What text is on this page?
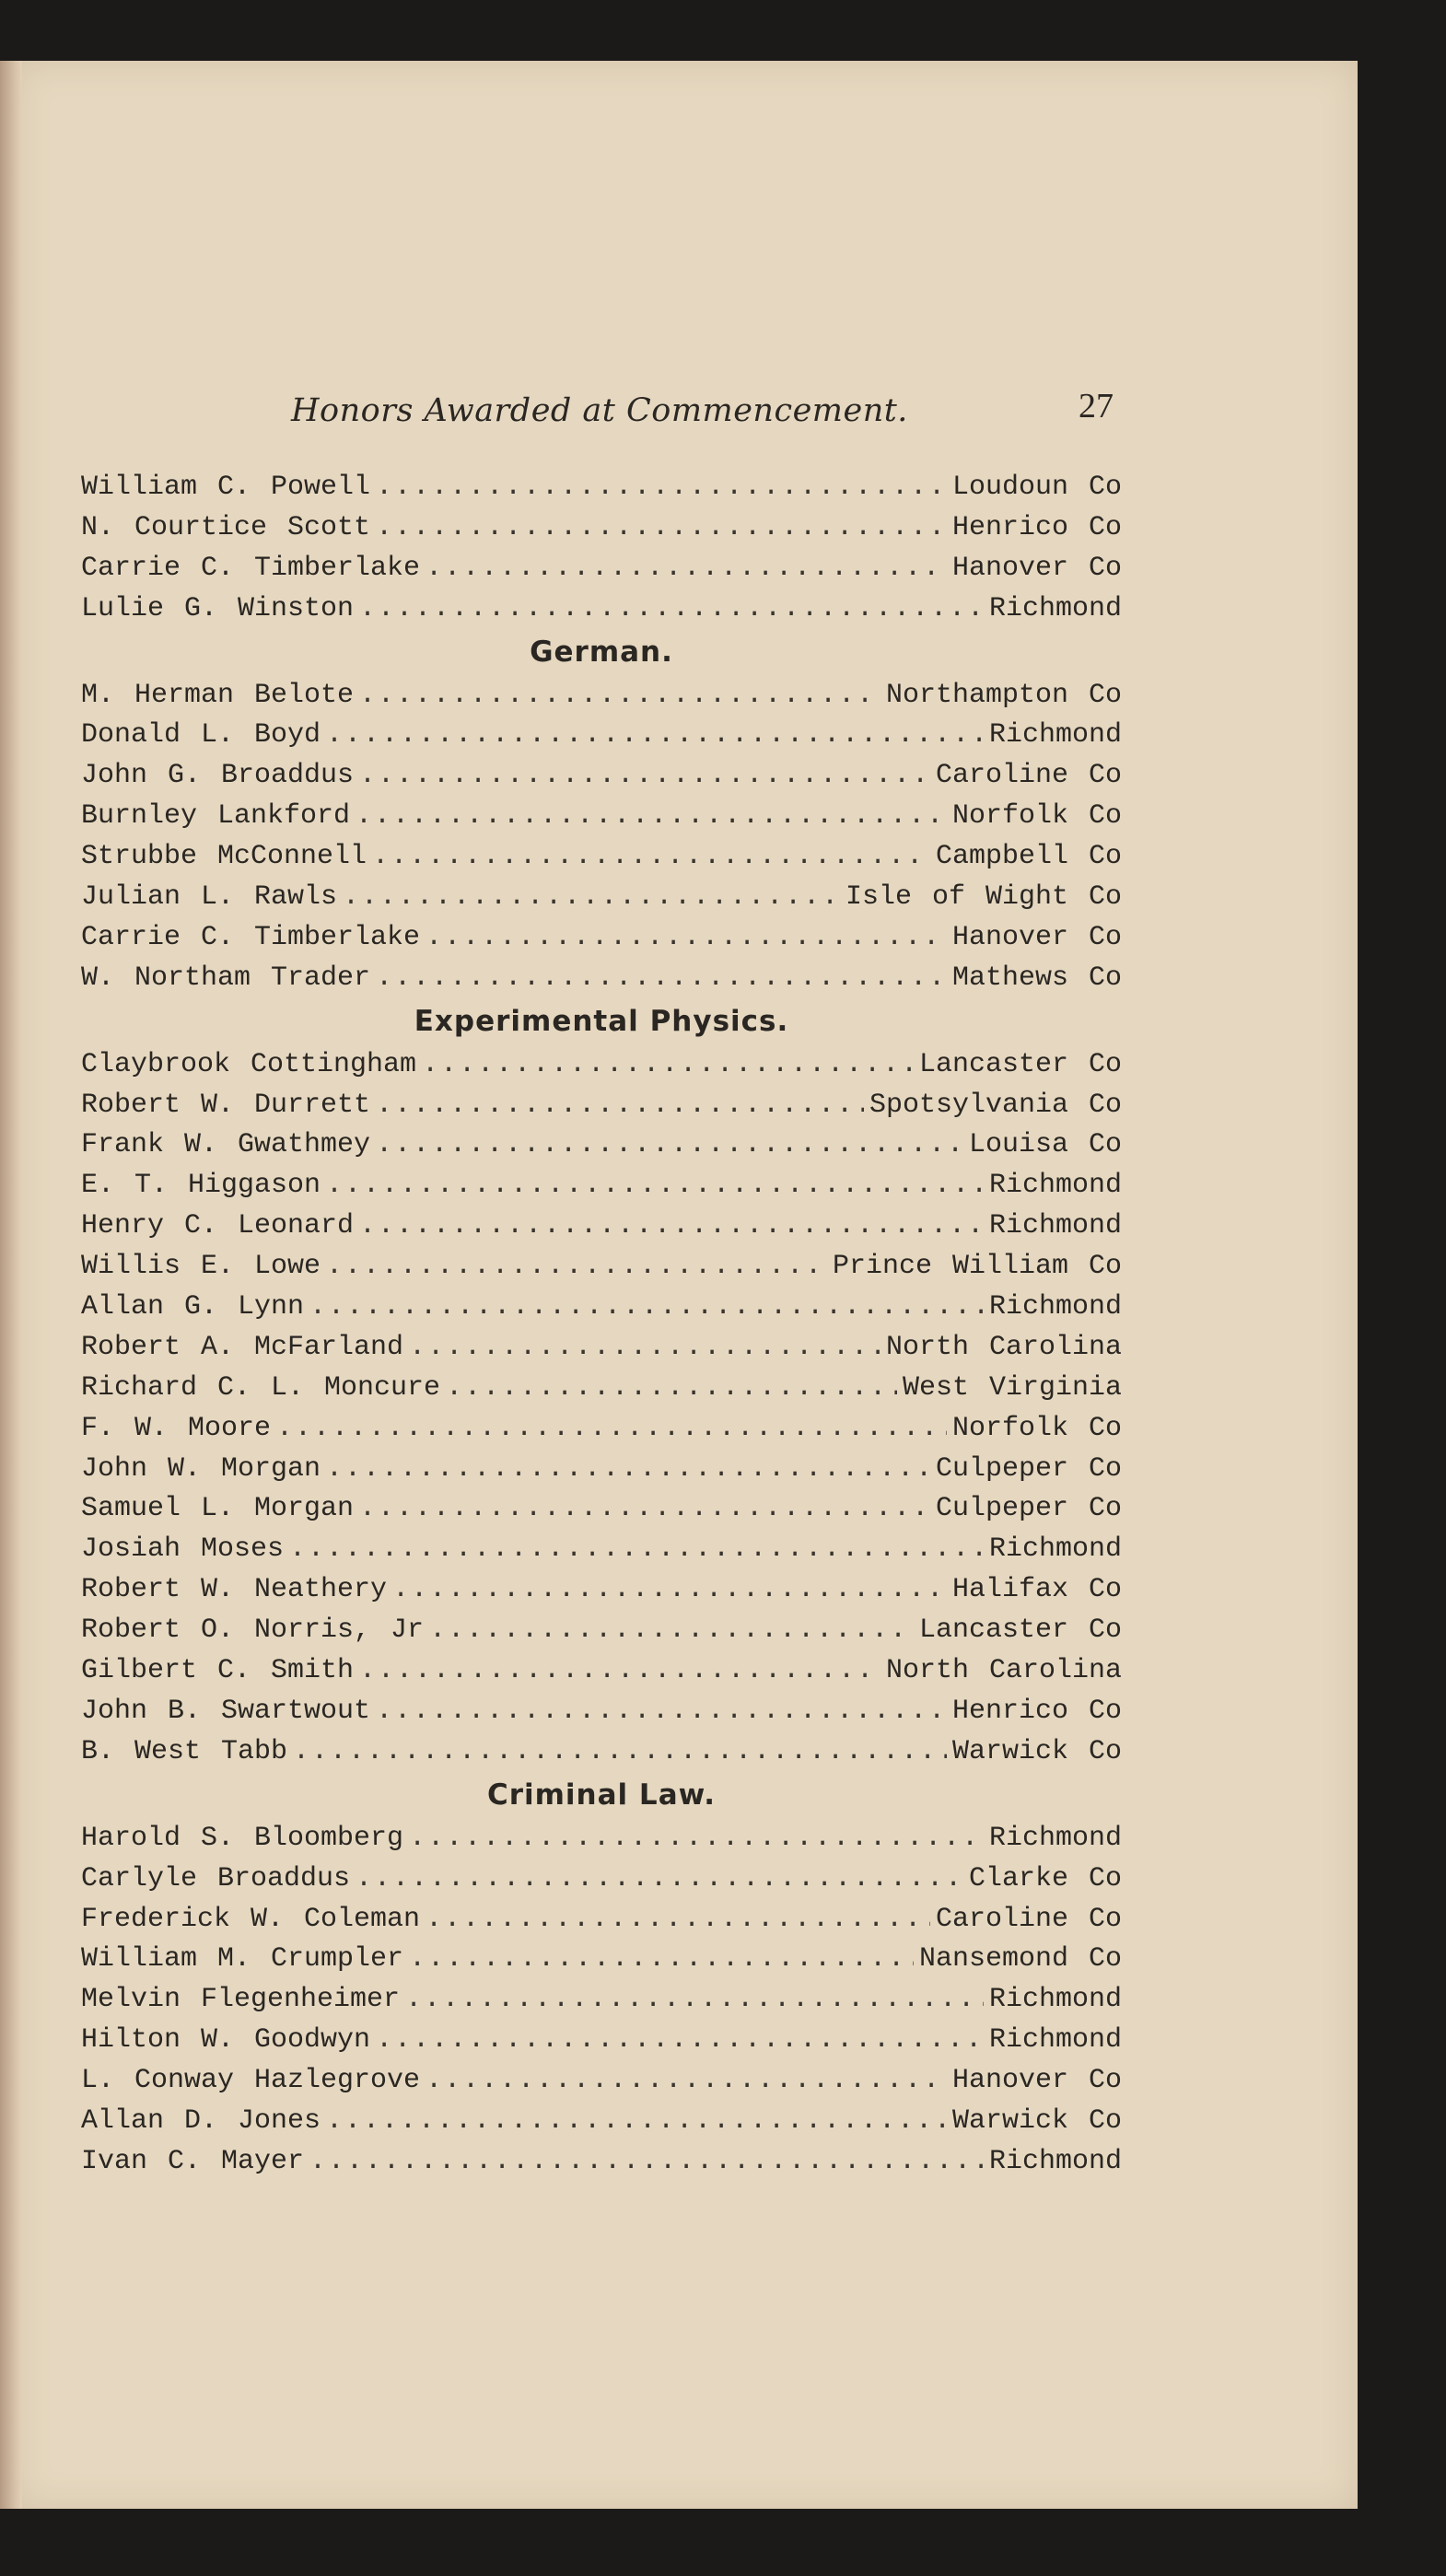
Honors Awarded at Commencement.	27
William C. Powell .....	Loudoun Co
N. Courtice Scott .....	Henrico Co
Carrie C. Timberlake .....	Hanover Co
Lulie G. Winston .....	Richmond
German.
M. Herman Belote .....	Northampton Co
Donald L. Boyd .....	Richmond
John G. Broaddus .....	Caroline Co
Burnley Lankford .....	Norfolk Co
Strubbe McConnell .....	Campbell Co
Julian L. Rawls .....	Isle of Wight Co
Carrie C. Timberlake .....	Hanover Co
W. Northam Trader .....	Mathews Co
Experimental Physics.
Claybrook Cottingham .....	Lancaster Co
Robert W. Durrett .....	Spotsylvania Co
Frank W. Gwathmey .....	Louisa Co
E. T. Higgason .....	Richmond
Henry C. Leonard .....	Richmond
Willis E. Lowe .....	Prince William Co
Allan G. Lynn .....	Richmond
Robert A. McFarland .....	North Carolina
Richard C. L. Moncure .....	West Virginia
F. W. Moore .....	Norfolk Co
John W. Morgan .....	Culpeper Co
Samuel L. Morgan .....	Culpeper Co
Josiah Moses .....	Richmond
Robert W. Neathery .....	Halifax Co
Robert O. Norris, Jr .....	Lancaster Co
Gilbert C. Smith .....	North Carolina
John B. Swartwout .....	Henrico Co
B. West Tabb .....	Warwick Co
Criminal Law.
Harold S. Bloomberg .....	Richmond
Carlyle Broaddus .....	Clarke Co
Frederick W. Coleman .....	Caroline Co
William M. Crumpler .....	Nansemond Co
Melvin Flegenheimer .....	Richmond
Hilton W. Goodwyn .....	Richmond
L. Conway Hazlegrove .....	Hanover Co
Allan D. Jones .....	Warwick Co
Ivan C. Mayer .....	Richmond
